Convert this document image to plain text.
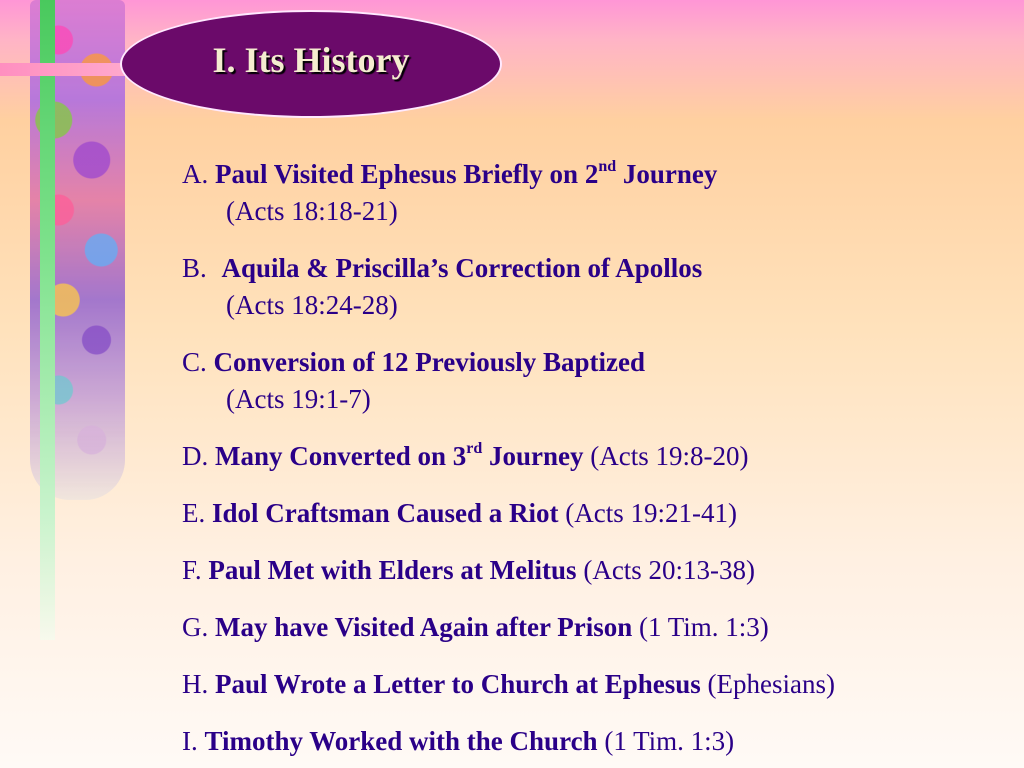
I. Its History
A. Paul Visited Ephesus Briefly on 2nd Journey
(Acts 18:18-21)
B. Aquila & Priscilla’s Correction of Apollos
(Acts 18:24-28)
C. Conversion of 12 Previously Baptized
(Acts 19:1-7)
D. Many Converted on 3rd Journey (Acts 19:8-20)
E. Idol Craftsman Caused a Riot (Acts 19:21-41)
F. Paul Met with Elders at Melitus (Acts 20:13-38)
G. May have Visited Again after Prison (1 Tim. 1:3)
H. Paul Wrote a Letter to Church at Ephesus (Ephesians)
I. Timothy Worked with the Church (1 Tim. 1:3)
